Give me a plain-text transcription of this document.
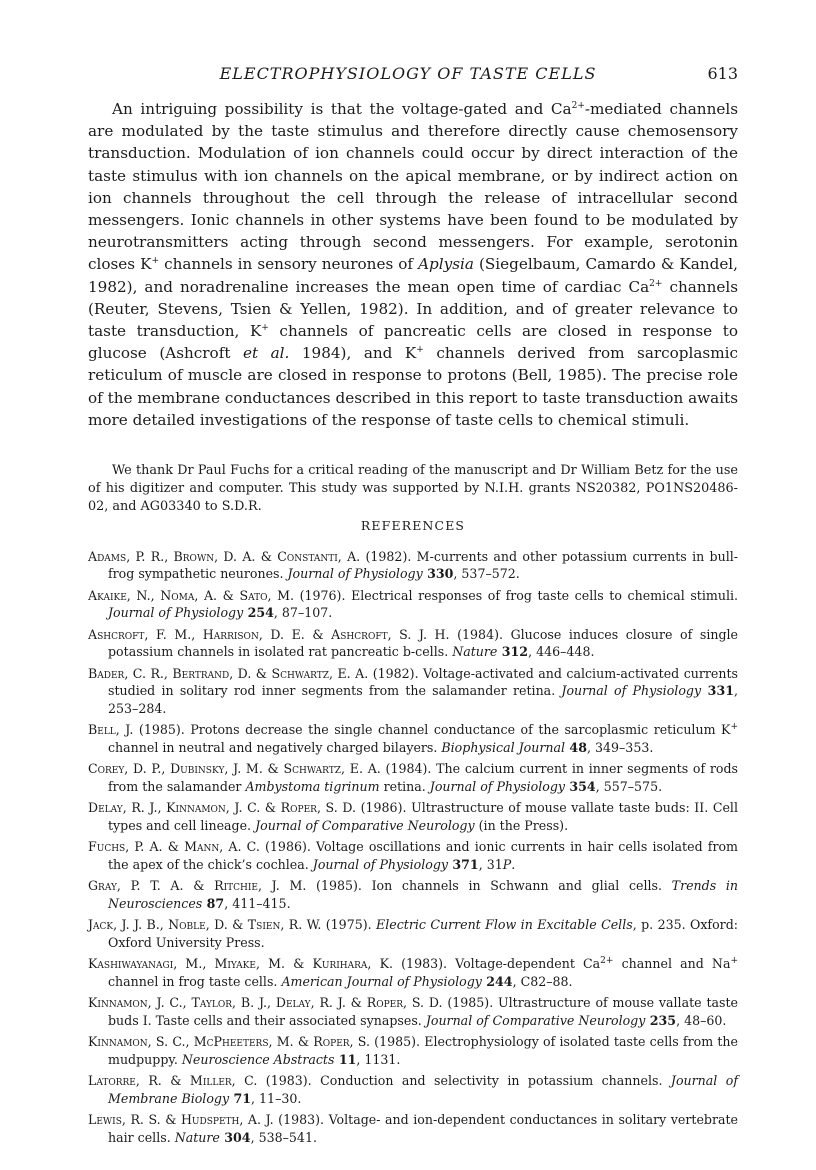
ELECTROPHYSIOLOGY OF TASTE CELLS	613

An intriguing possibility is that the voltage-gated and $Ca^{2+}$-mediated channels are modulated by the taste stimulus and therefore directly cause chemosensory transduction. Modulation of ion channels could occur by direct interaction of the taste stimulus with ion channels on the apical membrane, or by indirect action on ion channels throughout the cell through the release of intracellular second messengers. Ionic channels in other systems have been found to be modulated by neurotransmitters acting through second messengers. For example, serotonin closes K+ channels in sensory neurones of Aplysia (Siegelbaum, Camardo & Kandel, 1982), and noradrenaline increases the mean open time of cardiac $Ca^{2+}$ channels (Reuter, Stevens, Tsien & Yellen, 1982). In addition, and of greater relevance to taste transduction, K+ channels of pancreatic cells are closed in response to glucose (Ashcroft et al. 1984), and K+ channels derived from sarcoplasmic reticulum of muscle are closed in response to protons (Bell, 1985). The precise role of the membrane conductances described in this report to taste transduction awaits more detailed investigations of the response of taste cells to chemical stimuli.

We thank Dr Paul Fuchs for a critical reading of the manuscript and Dr William Betz for the use of his digitizer and computer. This study was supported by N.I.H. grants NS20382, PO1NS20486-02, and AG03340 to S.D.R.

REFERENCES
Adams, P. R., Brown, D. A. & Constanti, A. (1982). M-currents and other potassium currents in bull-frog sympathetic neurones. Journal of Physiology 330, 537–572.
Akaike, N., Noma, A. & Sato, M. (1976). Electrical responses of frog taste cells to chemical stimuli. Journal of Physiology 254, 87–107.
Ashcroft, F. M., Harrison, D. E. & Ashcroft, S. J. H. (1984). Glucose induces closure of single potassium channels in isolated rat pancreatic b-cells. Nature 312, 446–448.
Bader, C. R., Bertrand, D. & Schwartz, E. A. (1982). Voltage-activated and calcium-activated currents studied in solitary rod inner segments from the salamander retina. Journal of Physiology 331, 253–284.
Bell, J. (1985). Protons decrease the single channel conductance of the sarcoplasmic reticulum K+ channel in neutral and negatively charged bilayers. Biophysical Journal 48, 349–353.
Corey, D. P., Dubinsky, J. M. & Schwartz, E. A. (1984). The calcium current in inner segments of rods from the salamander Ambystoma tigrinum retina. Journal of Physiology 354, 557–575.
Delay, R. J., Kinnamon, J. C. & Roper, S. D. (1986). Ultrastructure of mouse vallate taste buds: II. Cell types and cell lineage. Journal of Comparative Neurology (in the Press).
Fuchs, P. A. & Mann, A. C. (1986). Voltage oscillations and ionic currents in hair cells isolated from the apex of the chick’s cochlea. Journal of Physiology 371, 31P.
Gray, P. T. A. & Ritchie, J. M. (1985). Ion channels in Schwann and glial cells. Trends in Neurosciences 87, 411–415.
Jack, J. J. B., Noble, D. & Tsien, R. W. (1975). Electric Current Flow in Excitable Cells, p. 235. Oxford: Oxford University Press.
Kashiwayanagi, M., Miyake, M. & Kurihara, K. (1983). Voltage-dependent $Ca^{2+}$ channel and Na+ channel in frog taste cells. American Journal of Physiology 244, C82–88.
Kinnamon, J. C., Taylor, B. J., Delay, R. J. & Roper, S. D. (1985). Ultrastructure of mouse vallate taste buds I. Taste cells and their associated synapses. Journal of Comparative Neurology 235, 48–60.
Kinnamon, S. C., McPheeters, M. & Roper, S. (1985). Electrophysiology of isolated taste cells from the mudpuppy. Neuroscience Abstracts 11, 1131.
Latorre, R. & Miller, C. (1983). Conduction and selectivity in potassium channels. Journal of Membrane Biology 71, 11–30.
Lewis, R. S. & Hudspeth, A. J. (1983). Voltage- and ion-dependent conductances in solitary vertebrate hair cells. Nature 304, 538–541.
